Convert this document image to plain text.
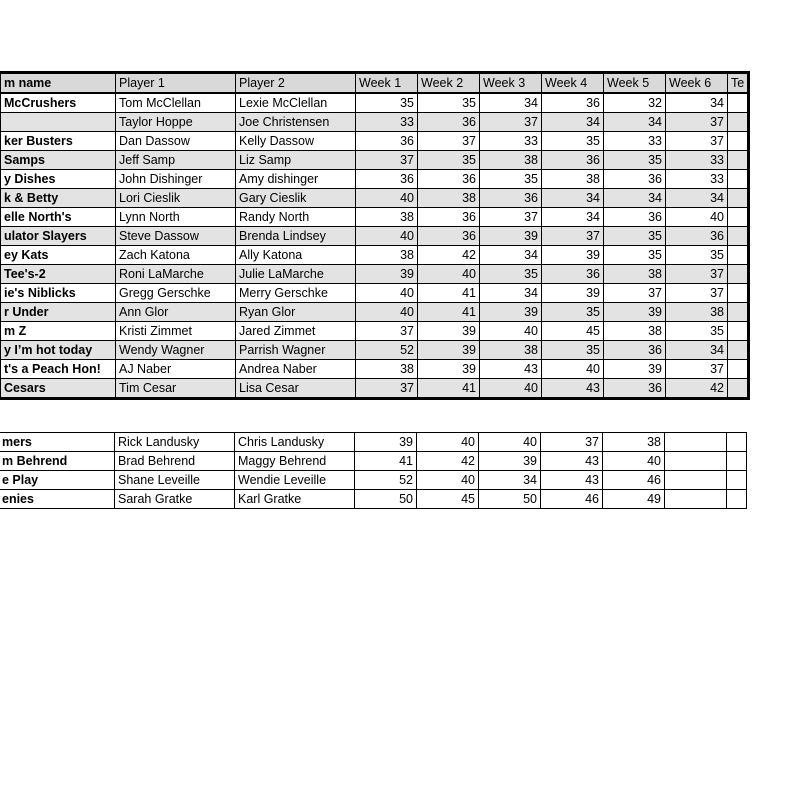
m name	Player 1	Player 2	Week 1	Week 2	Week 3	Week 4	Week 5	Week 6	Te
McCrushers	Tom McClellan	Lexie McClellan	35	35	34	36	32	34	
	Taylor Hoppe	Joe Christensen	33	36	37	34	34	37	
ker Busters	Dan Dassow	Kelly Dassow	36	37	33	35	33	37	
Samps	Jeff Samp	Liz Samp	37	35	38	36	35	33	
y Dishes	John Dishinger	Amy dishinger	36	36	35	38	36	33	
k & Betty	Lori Cieslik	Gary Cieslik	40	38	36	34	34	34	
elle North's	Lynn North	Randy North	38	36	37	34	36	40	
ulator Slayers	Steve Dassow	Brenda Lindsey	40	36	39	37	35	36	
ey Kats	Zach Katona	Ally Katona	38	42	34	39	35	35	
Tee's-2	Roni LaMarche	Julie LaMarche	39	40	35	36	38	37	
ie's Niblicks	Gregg Gerschke	Merry Gerschke	40	41	34	39	37	37	
r Under	Ann Glor	Ryan Glor	40	41	39	35	39	38	
m Z	Kristi Zimmet	Jared Zimmet	37	39	40	45	38	35	
y I’m hot today	Wendy Wagner	Parrish Wagner	52	39	38	35	36	34	
t's a Peach Hon!	AJ Naber	Andrea Naber	38	39	43	40	39	37	
Cesars	Tim Cesar	Lisa Cesar	37	41	40	43	36	42	
mers	Rick Landusky	Chris Landusky	39	40	40	37	38		
m Behrend	Brad Behrend	Maggy Behrend	41	42	39	43	40		
e Play	Shane Leveille	Wendie Leveille	52	40	34	43	46		
enies	Sarah Gratke	Karl Gratke	50	45	50	46	49		
